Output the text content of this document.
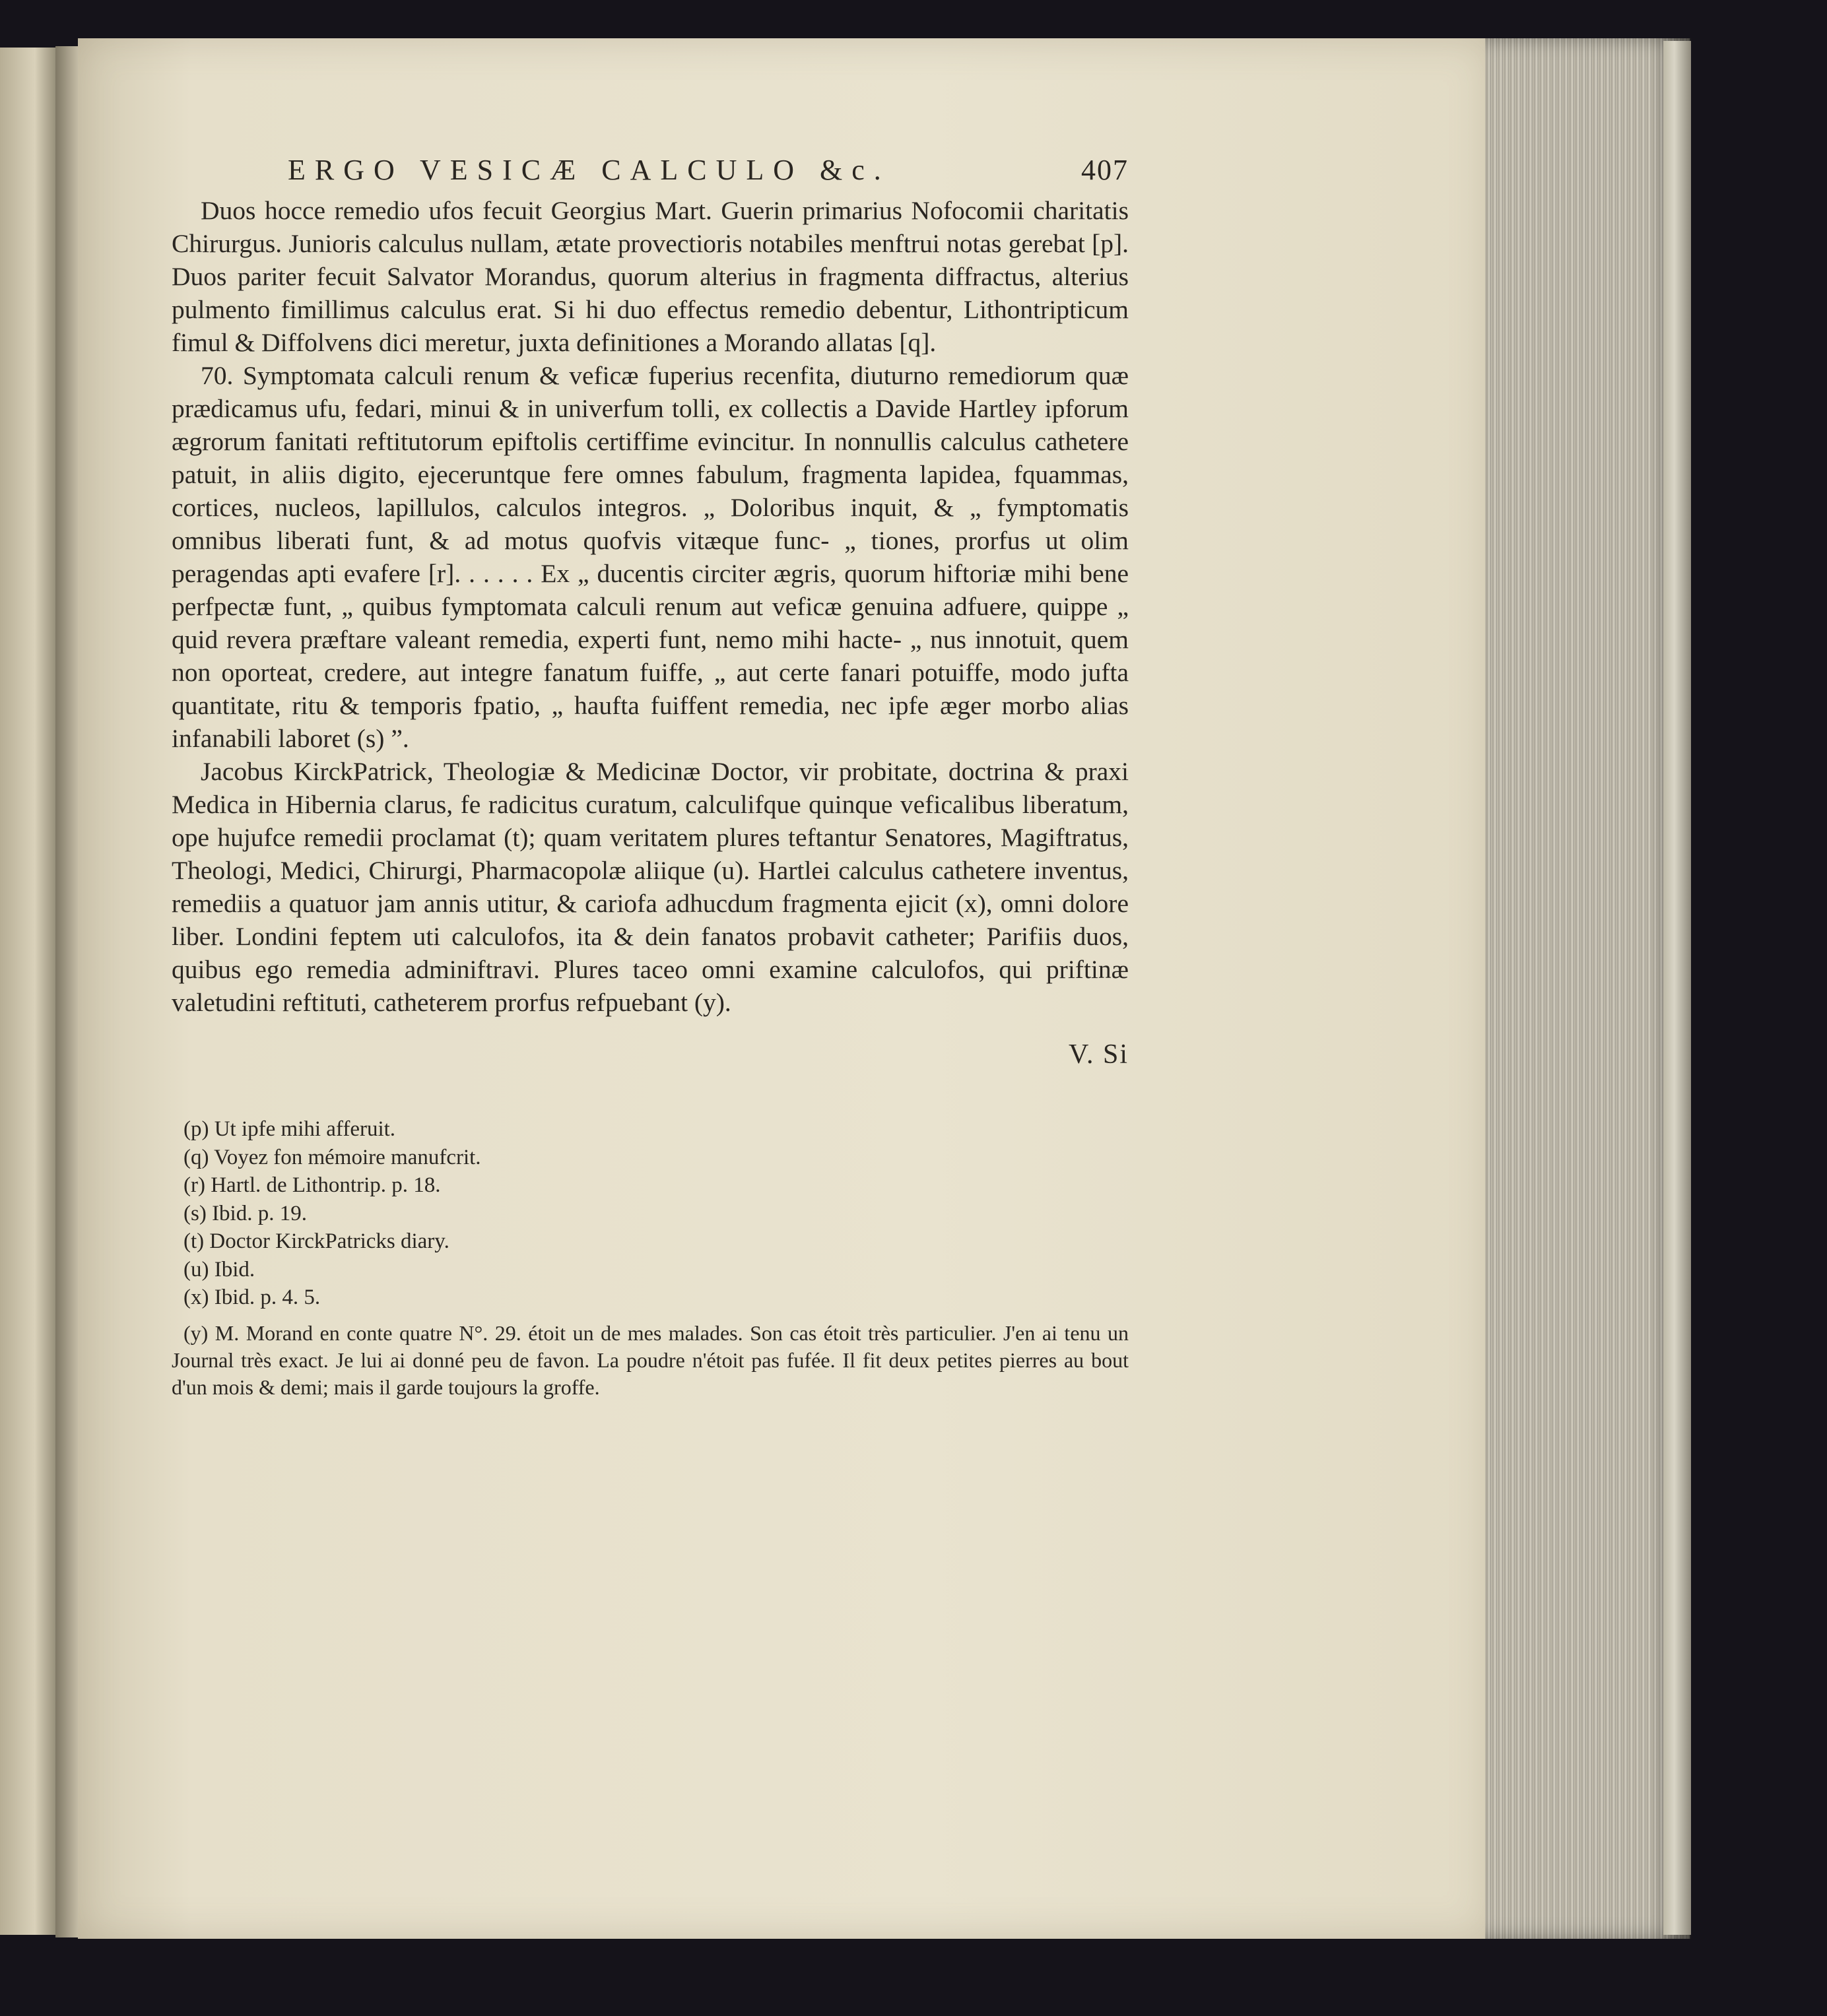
ERGO VESICÆ CALCULO &c.	407

Duos hocce remedio ufos fecuit Georgius Mart. Guerin primarius Nofocomii charitatis Chirurgus. Junioris calculus nullam, ætate provectioris notabiles menftrui notas gerebat [p]. Duos pariter fecuit Salvator Morandus, quorum alterius in fragmenta diffractus, alterius pulmento fimillimus calculus erat. Si hi duo effectus remedio debentur, Lithontripticum fimul & Diffolvens dici meretur, juxta definitiones a Morando allatas [q].

70. Symptomata calculi renum & veficæ fuperius recenfita, diuturno remediorum quæ prædicamus ufu, fedari, minui & in univerfum tolli, ex collectis a Davide Hartley ipforum ægrorum fanitati reftitutorum epiftolis certiffime evincitur. In nonnullis calculus cathetere patuit, in aliis digito, ejeceruntque fere omnes fabulum, fragmenta lapidea, fquammas, cortices, nucleos, lapillulos, calculos integros. „ Doloribus inquit, & „ fymptomatis omnibus liberati funt, & ad motus quofvis vitæque func- „ tiones, prorfus ut olim peragendas apti evafere [r]. . . . . . Ex „ ducentis circiter ægris, quorum hiftoriæ mihi bene perfpectæ funt, „ quibus fymptomata calculi renum aut veficæ genuina adfuere, quippe „ quid revera præftare valeant remedia, experti funt, nemo mihi hacte- „ nus innotuit, quem non oporteat, credere, aut integre fanatum fuiffe, „ aut certe fanari potuiffe, modo jufta quantitate, ritu & temporis fpatio, „ haufta fuiffent remedia, nec ipfe æger morbo alias infanabili laboret (s) ”.

Jacobus KirckPatrick, Theologiæ & Medicinæ Doctor, vir probitate, doctrina & praxi Medica in Hibernia clarus, fe radicitus curatum, calculifque quinque veficalibus liberatum, ope hujufce remedii proclamat (t); quam veritatem plures teftantur Senatores, Magiftratus, Theologi, Medici, Chirurgi, Pharmacopolæ aliique (u). Hartlei calculus cathetere inventus, remediis a quatuor jam annis utitur, & cariofa adhucdum fragmenta ejicit (x), omni dolore liber. Londini feptem uti calculofos, ita & dein fanatos probavit catheter; Parifiis duos, quibus ego remedia adminiftravi. Plures taceo omni examine calculofos, qui priftinæ valetudini reftituti, catheterem prorfus refpuebant (y).

V. Si

(p) Ut ipfe mihi afferuit.

(q) Voyez fon mémoire manufcrit.

(r) Hartl. de Lithontrip. p. 18.

(s) Ibid. p. 19.

(t) Doctor KirckPatricks diary.

(u) Ibid.

(x) Ibid. p. 4. 5.

(y) M. Morand en conte quatre N°. 29. étoit un de mes malades. Son cas étoit très particulier. J'en ai tenu un Journal très exact. Je lui ai donné peu de favon. La poudre n'étoit pas fufée. Il fit deux petites pierres au bout d'un mois & demi; mais il garde toujours la groffe.
